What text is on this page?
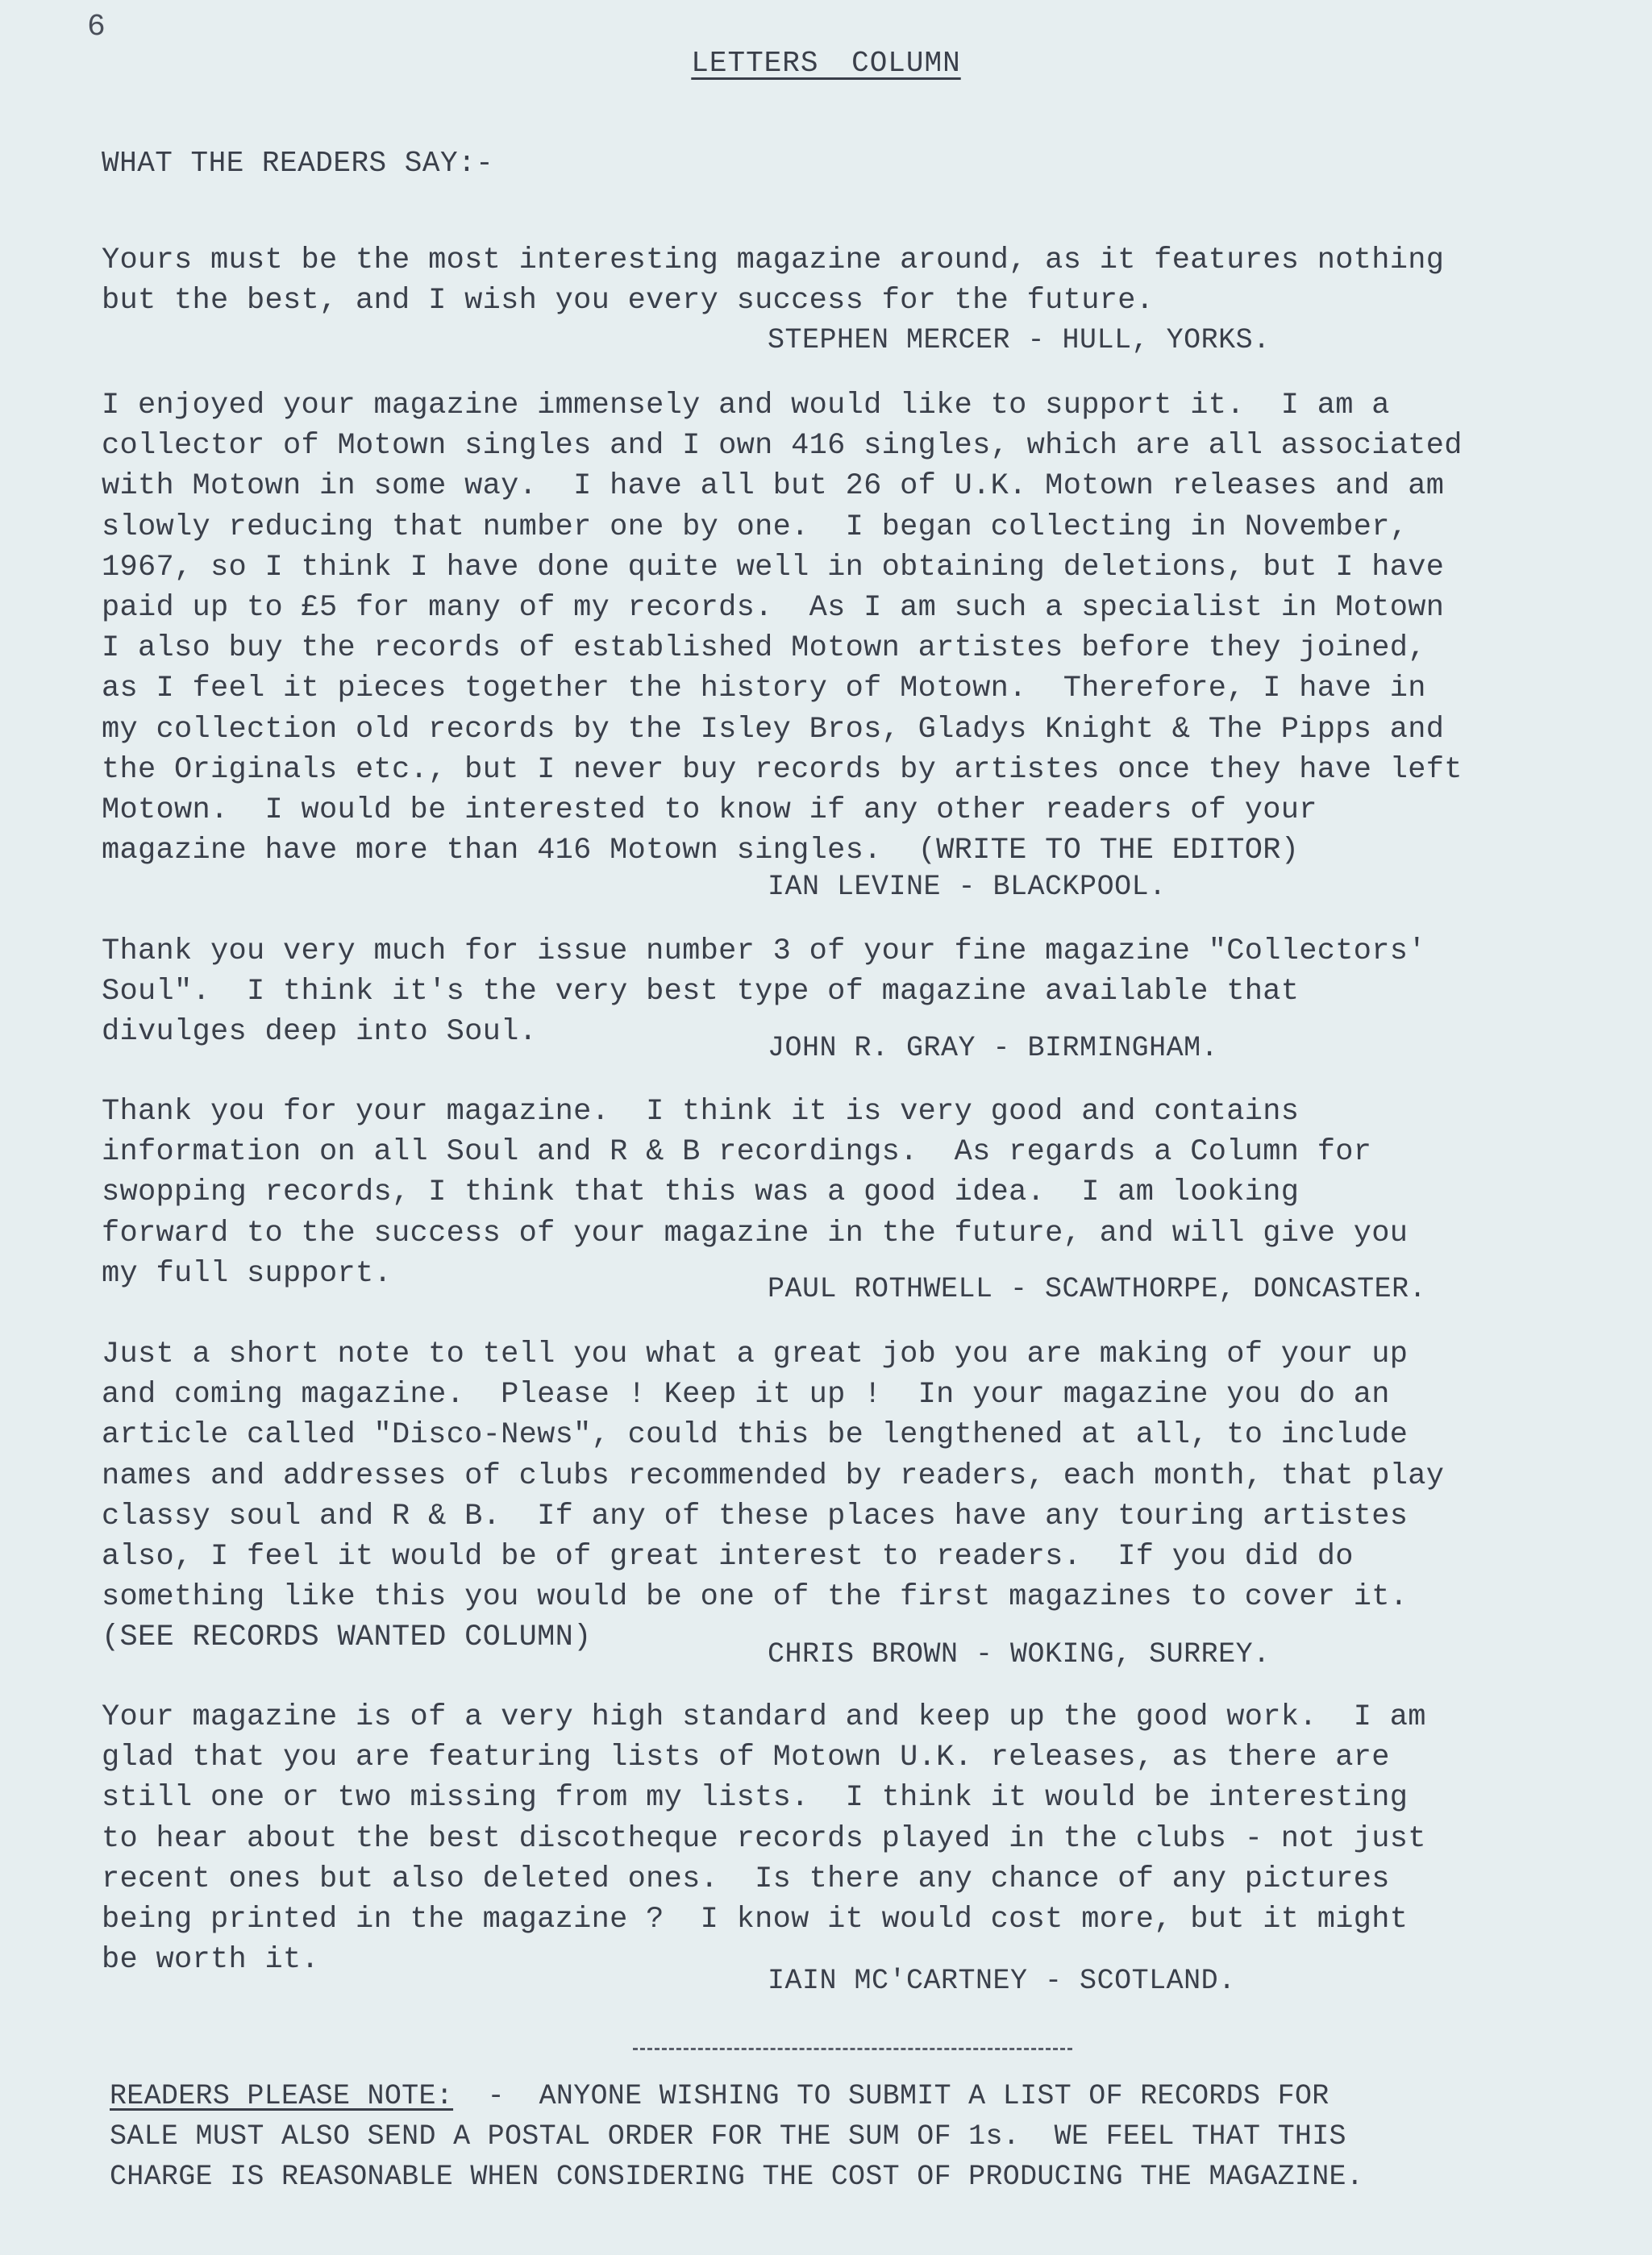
6
LETTERS COLUMN
WHAT THE READERS SAY:-

Yours must be the most interesting magazine around, as it features nothing
but the best, and I wish you every success for the future.

STEPHEN MERCER - HULL, YORKS.

I enjoyed your magazine immensely and would like to support it.  I am a
collector of Motown singles and I own 416 singles, which are all associated
with Motown in some way.  I have all but 26 of U.K. Motown releases and am
slowly reducing that number one by one.  I began collecting in November,
1967, so I think I have done quite well in obtaining deletions, but I have
paid up to £5 for many of my records.  As I am such a specialist in Motown
I also buy the records of established Motown artistes before they joined,
as I feel it pieces together the history of Motown.  Therefore, I have in
my collection old records by the Isley Bros, Gladys Knight & The Pipps and
the Originals etc., but I never buy records by artistes once they have left
Motown.  I would be interested to know if any other readers of your
magazine have more than 416 Motown singles.  (WRITE TO THE EDITOR)

IAN LEVINE - BLACKPOOL.

Thank you very much for issue number 3 of your fine magazine "Collectors'
Soul".  I think it's the very best type of magazine available that
divulges deep into Soul.	JOHN R. GRAY - BIRMINGHAM.

Thank you for your magazine.  I think it is very good and contains
information on all Soul and R & B recordings.  As regards a Column for
swopping records, I think that this was a good idea.  I am looking
forward to the success of your magazine in the future, and will give you
my full support.	PAUL ROTHWELL - SCAWTHORPE, DONCASTER.

Just a short note to tell you what a great job you are making of your up
and coming magazine.  Please ! Keep it up !  In your magazine you do an
article called "Disco-News", could this be lengthened at all, to include
names and addresses of clubs recommended by readers, each month, that play
classy soul and R & B.  If any of these places have any touring artistes
also, I feel it would be of great interest to readers.  If you did do
something like this you would be one of the first magazines to cover it.
(SEE RECORDS WANTED COLUMN)	CHRIS BROWN - WOKING, SURREY.

Your magazine is of a very high standard and keep up the good work.  I am
glad that you are featuring lists of Motown U.K. releases, as there are
still one or two missing from my lists.  I think it would be interesting
to hear about the best discotheque records played in the clubs - not just
recent ones but also deleted ones.  Is there any chance of any pictures
being printed in the magazine ?  I know it would cost more, but it might
be worth it.

IAIN MC'CARTNEY - SCOTLAND.
READERS PLEASE NOTE:  -  ANYONE WISHING TO SUBMIT A LIST OF RECORDS FOR
SALE MUST ALSO SEND A POSTAL ORDER FOR THE SUM OF 1s.  WE FEEL THAT THIS
CHARGE IS REASONABLE WHEN CONSIDERING THE COST OF PRODUCING THE MAGAZINE.
